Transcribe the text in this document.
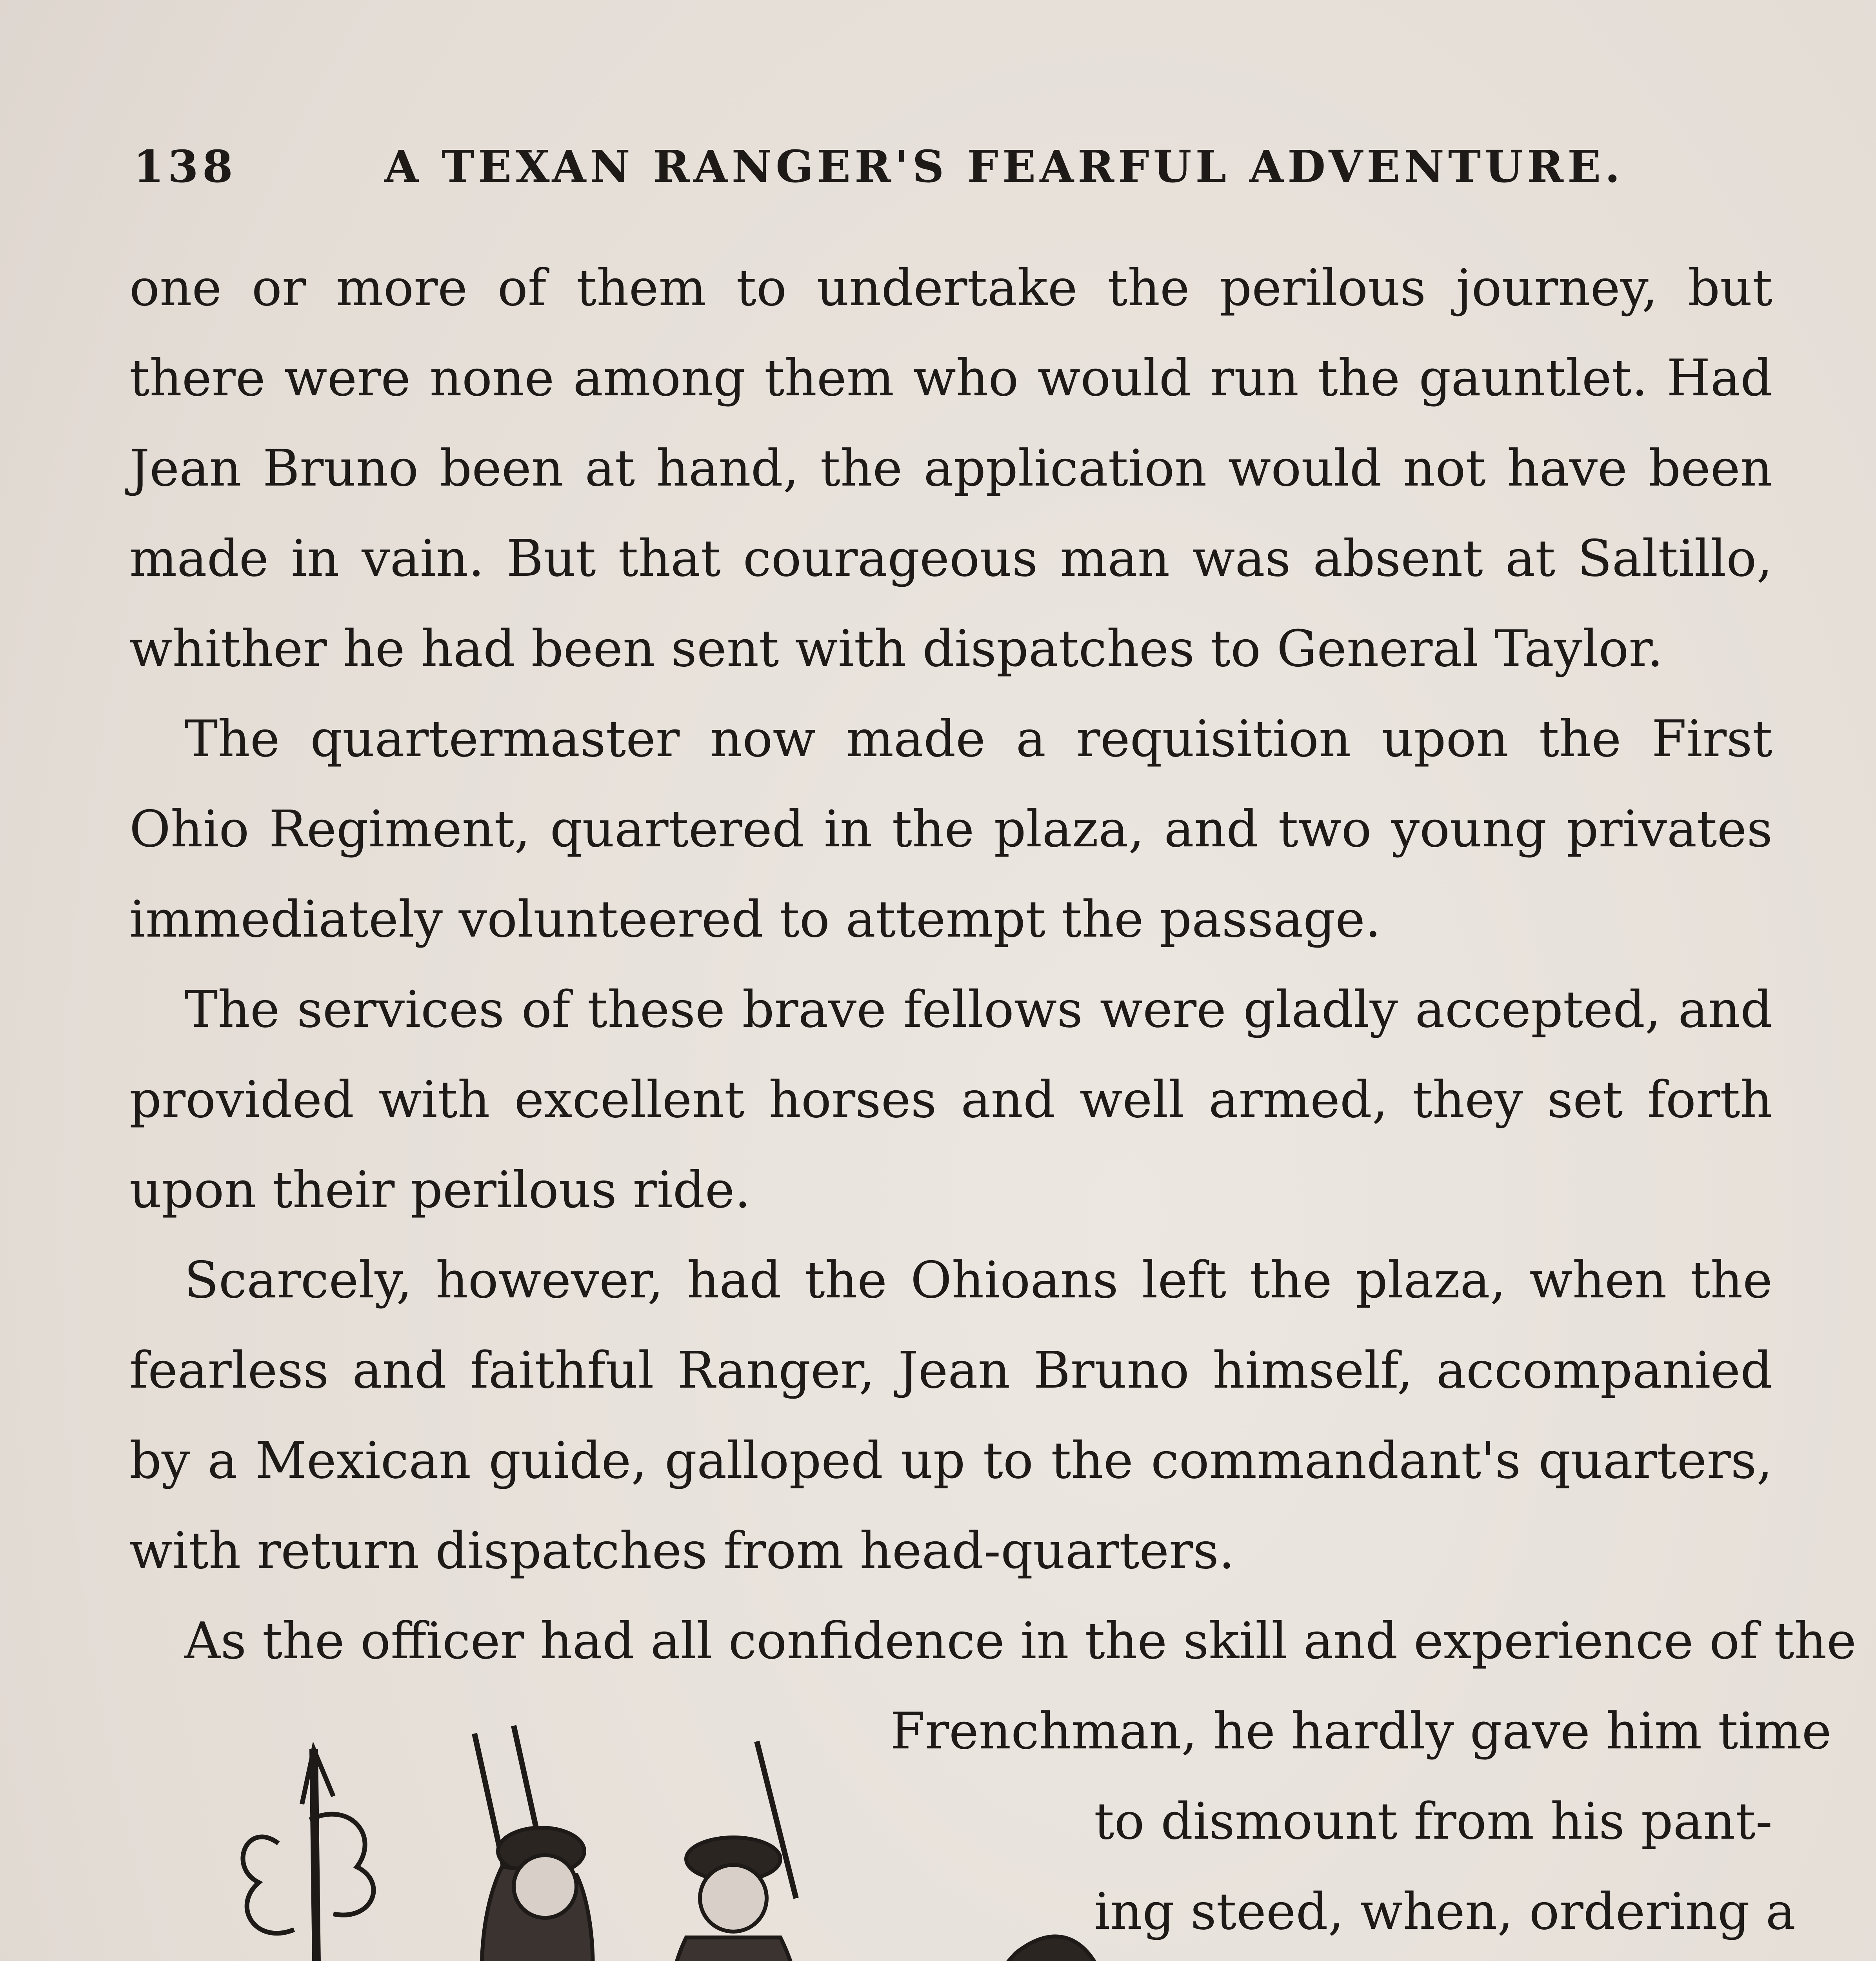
138	A TEXAN RANGER'S FEARFUL ADVENTURE.

one or more of them to undertake the perilous journey, but there were none among them who would run the gauntlet. Had Jean Bruno been at hand, the application would not have been made in vain. But that courageous man was absent at Saltillo, whither he had been sent with dispatches to General Taylor.

The quartermaster now made a requisition upon the First Ohio Regiment, quartered in the plaza, and two young privates immediately volunteered to attempt the passage.

The services of these brave fellows were gladly accepted, and provided with excellent horses and well armed, they set forth upon their perilous ride.

Scarcely, however, had the Ohioans left the plaza, when the fearless and faithful Ranger, Jean Bruno himself, accompanied by a Mexican guide, galloped up to the commandant's quarters, with return dispatches from head-quarters.

As the officer had all confidence in the skill and experience of the

Frenchman, he hardly gave him time

to dismount from his pant-

ing steed, when, ordering a
